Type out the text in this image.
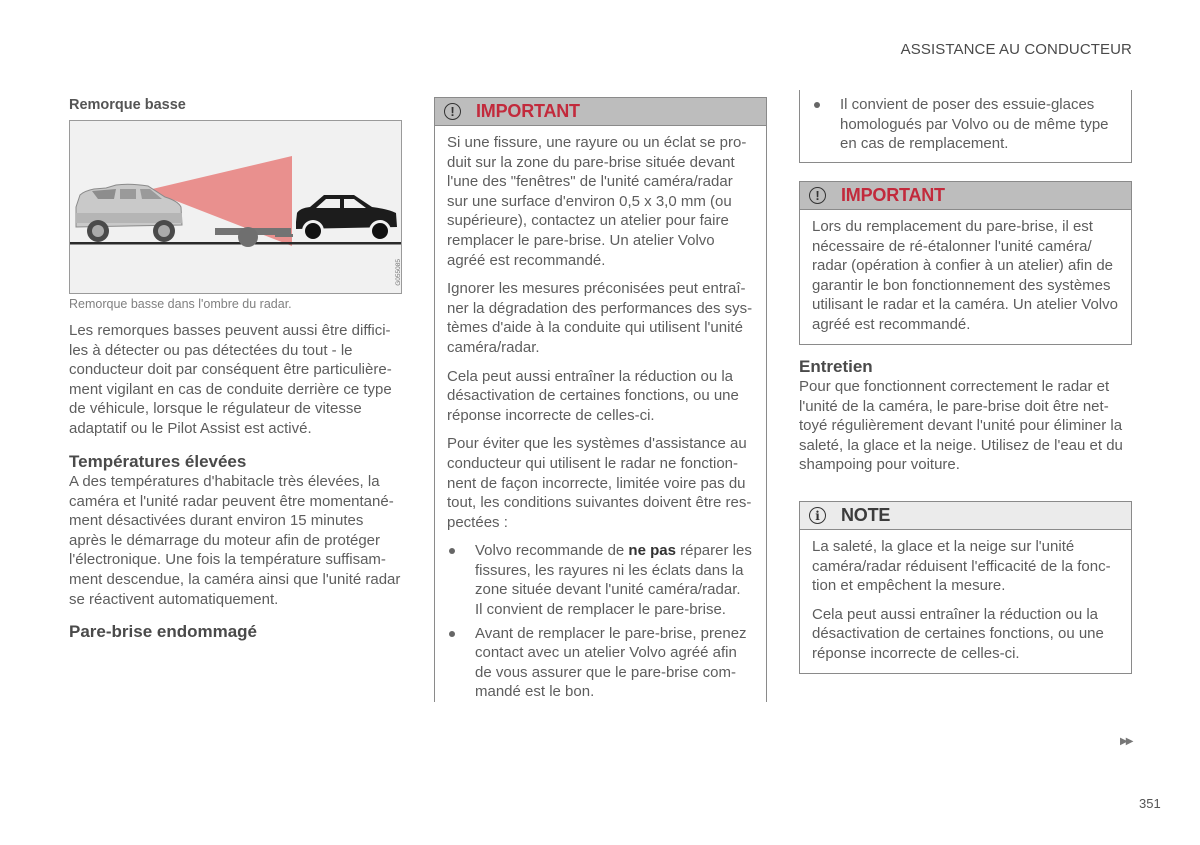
ASSISTANCE AU CONDUCTEUR
Remorque basse
G055085
Remorque basse dans l'ombre du radar.

Les remorques basses peuvent aussi être diffici-
les à détecter ou pas détectées du tout - le
conducteur doit par conséquent être particulière-
ment vigilant en cas de conduite derrière ce type
de véhicule, lorsque le régulateur de vitesse
adaptatif ou le Pilot Assist est activé.

Températures élevées

A des températures d'habitacle très élevées, la
caméra et l'unité radar peuvent être momentané-
ment désactivées durant environ 15 minutes
après le démarrage du moteur afin de protéger
l'électronique. Une fois la température suffisam-
ment descendue, la caméra ainsi que l'unité radar
se réactivent automatiquement.

Pare-brise endommagé
!	IMPORTANT

Si une fissure, une rayure ou un éclat se pro-
duit sur la zone du pare-brise située devant
l'une des "fenêtres" de l'unité caméra/radar
sur une surface d'environ 0,5 x 3,0 mm (ou
supérieure), contactez un atelier pour faire
remplacer le pare-brise. Un atelier Volvo
agréé est recommandé.

Ignorer les mesures préconisées peut entraî-
ner la dégradation des performances des sys-
tèmes d'aide à la conduite qui utilisent l'unité
caméra/radar.

Cela peut aussi entraîner la réduction ou la
désactivation de certaines fonctions, ou une
réponse incorrecte de celles-ci.

Pour éviter que les systèmes d'assistance au
conducteur qui utilisent le radar ne fonction-
nent de façon incorrecte, limitée voire pas du
tout, les conditions suivantes doivent être res-
pectées :

Volvo recommande de ne pas réparer les
fissures, les rayures ni les éclats dans la
zone située devant l'unité caméra/radar.
Il convient de remplacer le pare-brise.
Avant de remplacer le pare-brise, prenez
contact avec un atelier Volvo agréé afin
de vous assurer que le pare-brise com-
mandé est le bon.
Il convient de poser des essuie-glaces
homologués par Volvo ou de même type
en cas de remplacement.
!	IMPORTANT

Lors du remplacement du pare-brise, il est
nécessaire de ré-étalonner l'unité caméra/
radar (opération à confier à un atelier) afin de
garantir le bon fonctionnement des systèmes
utilisant le radar et la caméra. Un atelier Volvo
agréé est recommandé.

Entretien

Pour que fonctionnent correctement le radar et
l'unité de la caméra, le pare-brise doit être net-
toyé régulièrement devant l'unité pour éliminer la
saleté, la glace et la neige. Utilisez de l'eau et du
shampoing pour voiture.

i	NOTE

La saleté, la glace et la neige sur l'unité
caméra/radar réduisent l'efficacité de la fonc-
tion et empêchent la mesure.

Cela peut aussi entraîner la réduction ou la
désactivation de certaines fonctions, ou une
réponse incorrecte de celles-ci.

▶▶
351
